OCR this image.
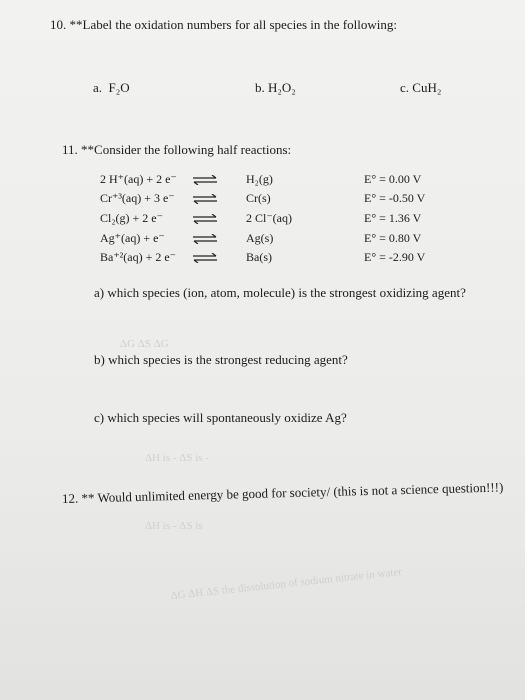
ΔG ΔS ΔG
ΔH is - ΔS is -
ΔH is - ΔS is
ΔG ΔH ΔS the dissolution of sodium nitrate in water
10. **Label the oxidation numbers for all species in the following:
a. F₂O	b. H₂O₂	c. CuH₂
11. **Consider the following half reactions:
2 H⁺(aq) + 2 e⁻ ⇌ H₂(g)	E° = 0.00 V
Cr⁺³(aq) + 3 e⁻ ⇌ Cr(s)	E° = -0.50 V
Cl₂(g) + 2 e⁻	2 Cl⁻(aq)	E° = 1.36 V
Ag⁺(aq) + e⁻	Ag(s)	E° = 0.80 V
Ba⁺²(aq) + 2 e⁻ ⇌ Ba(s)	E° = -2.90 V
a) which species (ion, atom, molecule) is the strongest oxidizing agent?
b) which species is the strongest reducing agent?
c) which species will spontaneously oxidize Ag?
12. ** Would unlimited energy be good for society/ (this is not a science question!!!)
